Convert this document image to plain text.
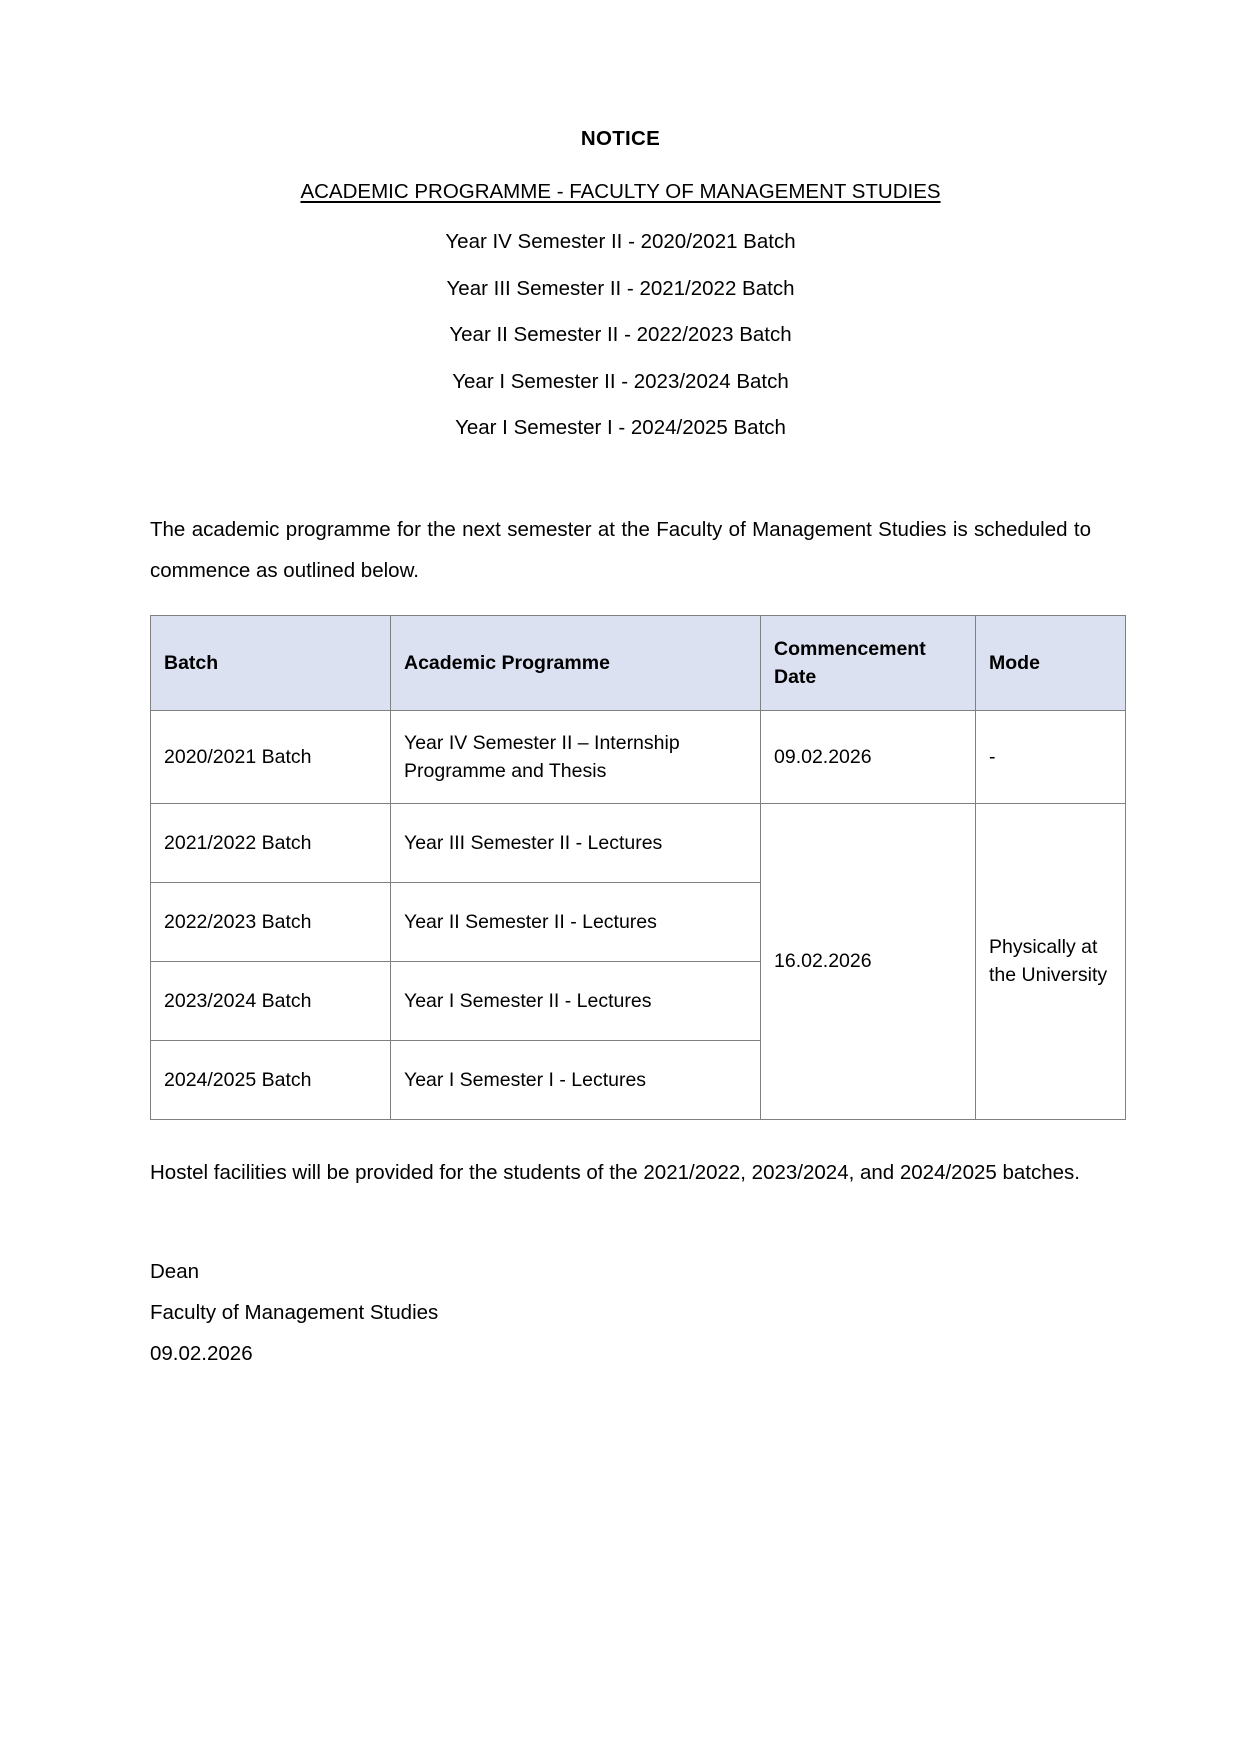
NOTICE
ACADEMIC PROGRAMME - FACULTY OF MANAGEMENT STUDIES
Year IV Semester II - 2020/2021 Batch
Year III Semester II - 2021/2022 Batch
Year II Semester II - 2022/2023 Batch
Year I Semester II - 2023/2024 Batch
Year I Semester I - 2024/2025 Batch

The academic programme for the next semester at the Faculty of Management Studies is scheduled to commence as outlined below.

Batch	Academic Programme	Commencement Date	Mode
2020/2021 Batch	Year IV Semester II – Internship Programme and Thesis	09.02.2026	-
2021/2022 Batch	Year III Semester II - Lectures	16.02.2026	Physically at the University
2022/2023 Batch	Year II Semester II - Lectures		
2023/2024 Batch	Year I Semester II - Lectures		
2024/2025 Batch	Year I Semester I - Lectures		

Hostel facilities will be provided for the students of the 2021/2022, 2023/2024, and 2024/2025 batches.

Dean
Faculty of Management Studies
09.02.2026
